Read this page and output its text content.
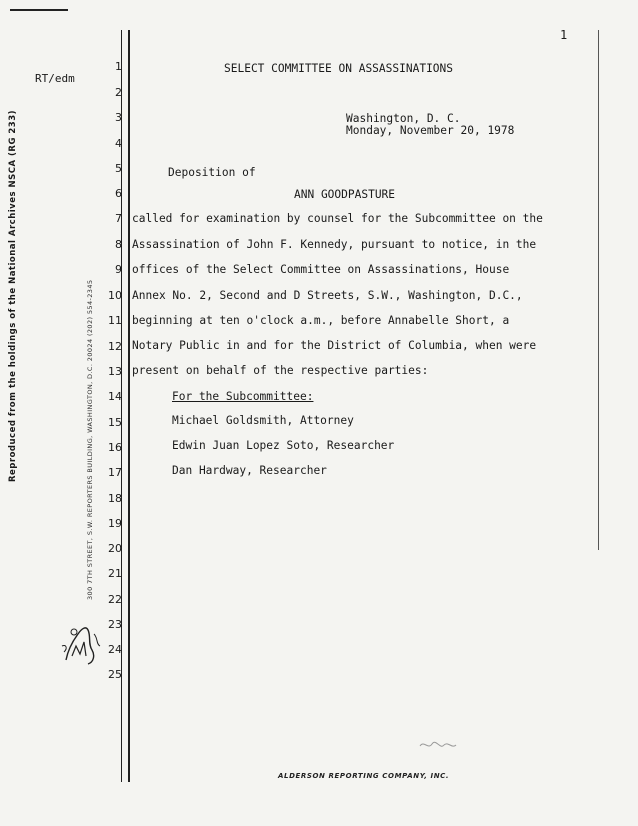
1
Reproduced from the holdings of the National Archives NSCA (RG 233)	300 7TH STREET, S.W. REPORTERS BUILDING, WASHINGTON, D.C. 20024 (202) 554-2345
RT/edm
1
2
3
4
5
6
7
8
9
10
11
12
13
14
15
16
17
18
19
20
21
22
23
24
25
SELECT COMMITTEE ON ASSASSINATIONS
Washington, D. C.
Monday, November 20, 1978
Deposition of
ANN GOODPASTURE
called for examination by counsel for the Subcommittee on the
Assassination of John F. Kennedy, pursuant to notice, in the
offices of the Select Committee on Assassinations, House
Annex No. 2, Second and D Streets, S.W., Washington, D.C.,
beginning at ten o'clock a.m., before Annabelle Short, a
Notary Public in and for the District of Columbia, when were
present on behalf of the respective parties:
For the Subcommittee:
Michael Goldsmith, Attorney
Edwin Juan Lopez Soto, Researcher
Dan Hardway, Researcher
ALDERSON REPORTING COMPANY, INC.
